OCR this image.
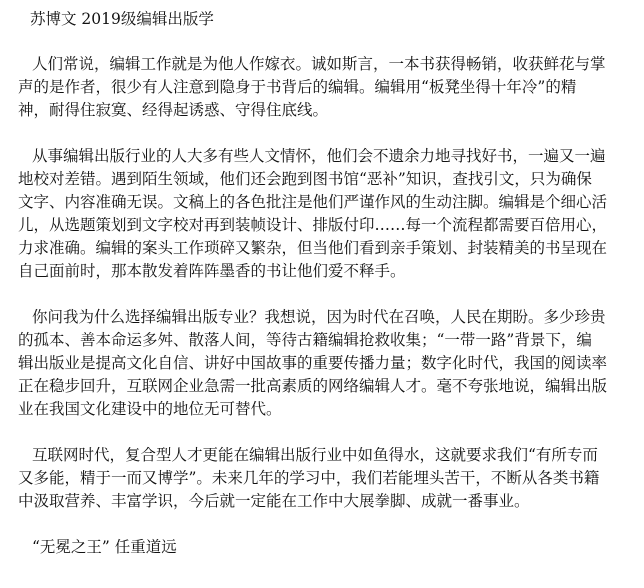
苏博文 2019级编辑出版学
人们常说，编辑工作就是为他人作嫁衣。诚如斯言，一本书获得畅销，收获鲜花与掌
声的是作者，很少有人注意到隐身于书背后的编辑。编辑用“板凳坐得十年冷”的精
神，耐得住寂寞、经得起诱惑、守得住底线。
从事编辑出版行业的人大多有些人文情怀，他们会不遗余力地寻找好书，一遍又一遍
地校对差错。遇到陌生领域，他们还会跑到图书馆“恶补”知识，查找引文，只为确保
文字、内容准确无误。文稿上的各色批注是他们严谨作风的生动注脚。编辑是个细心活
儿，从选题策划到文字校对再到装帧设计、排版付印……每一个流程都需要百倍用心，
力求准确。编辑的案头工作琐碎又繁杂，但当他们看到亲手策划、封装精美的书呈现在
自己面前时，那本散发着阵阵墨香的书让他们爱不释手。
你问我为什么选择编辑出版专业？我想说，因为时代在召唤，人民在期盼。多少珍贵
的孤本、善本命运多舛、散落人间，等待古籍编辑抢救收集；“一带一路”背景下，编
辑出版业是提高文化自信、讲好中国故事的重要传播力量；数字化时代，我国的阅读率
正在稳步回升，互联网企业急需一批高素质的网络编辑人才。毫不夸张地说，编辑出版
业在我国文化建设中的地位无可替代。
互联网时代，复合型人才更能在编辑出版行业中如鱼得水，这就要求我们“有所专而
又多能，精于一而又博学”。未来几年的学习中，我们若能埋头苦干，不断从各类书籍
中汲取营养、丰富学识，今后就一定能在工作中大展拳脚、成就一番事业。
“无冕之王” 任重道远
